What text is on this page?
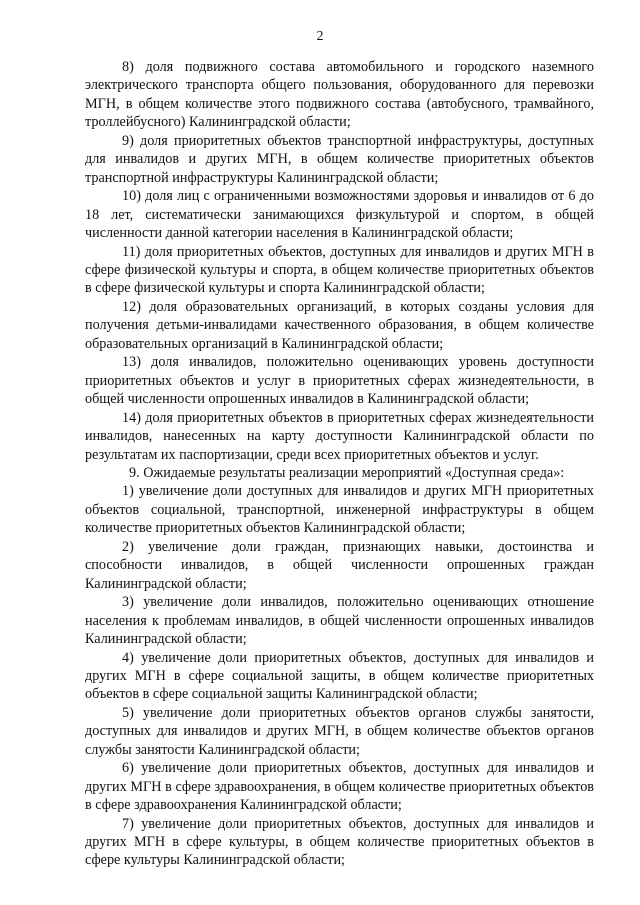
2

8) доля подвижного состава автомобильного и городского наземного электрического транспорта общего пользования, оборудованного для перевозки МГН, в общем количестве этого подвижного состава (автобусного, трамвайного, троллейбусного) Калининградской области;

9) доля приоритетных объектов транспортной инфраструктуры, доступных для инвалидов и других МГН, в общем количестве приоритетных объектов транспортной инфраструктуры Калининградской области;

10) доля лиц с ограниченными возможностями здоровья и инвалидов от 6 до 18 лет, систематически занимающихся физкультурой и спортом, в общей численности данной категории населения в Калининградской области;

11) доля приоритетных объектов, доступных для инвалидов и других МГН в сфере физической культуры и спорта, в общем количестве приоритетных объектов в сфере физической культуры и спорта Калининградской области;

12) доля образовательных организаций, в которых созданы условия для получения детьми-инвалидами качественного образования, в общем количестве образовательных организаций в Калининградской области;

13) доля инвалидов, положительно оценивающих уровень доступности приоритетных объектов и услуг в приоритетных сферах жизнедеятельности, в общей численности опрошенных инвалидов в Калининградской области;

14) доля приоритетных объектов в приоритетных сферах жизнедеятельности инвалидов, нанесенных на карту доступности Калининградской области по результатам их паспортизации, среди всех приоритетных объектов и услуг.

9. Ожидаемые результаты реализации мероприятий «Доступная среда»:

1) увеличение доли доступных для инвалидов и других МГН приоритетных объектов социальной, транспортной, инженерной инфраструктуры в общем количестве приоритетных объектов Калининградской области;

2) увеличение доли граждан, признающих навыки, достоинства и способности инвалидов, в общей численности опрошенных граждан Калининградской области;

3) увеличение доли инвалидов, положительно оценивающих отношение населения к проблемам инвалидов, в общей численности опрошенных инвалидов Калининградской области;

4) увеличение доли приоритетных объектов, доступных для инвалидов и других МГН в сфере социальной защиты, в общем количестве приоритетных объектов в сфере социальной защиты Калининградской области;

5) увеличение доли приоритетных объектов органов службы занятости, доступных для инвалидов и других МГН, в общем количестве объектов органов службы занятости Калининградской области;

6) увеличение доли приоритетных объектов, доступных для инвалидов и других МГН в сфере здравоохранения, в общем количестве приоритетных объектов в сфере здравоохранения Калининградской области;

7) увеличение доли приоритетных объектов, доступных для инвалидов и других МГН в сфере культуры, в общем количестве приоритетных объектов в сфере культуры Калининградской области;
